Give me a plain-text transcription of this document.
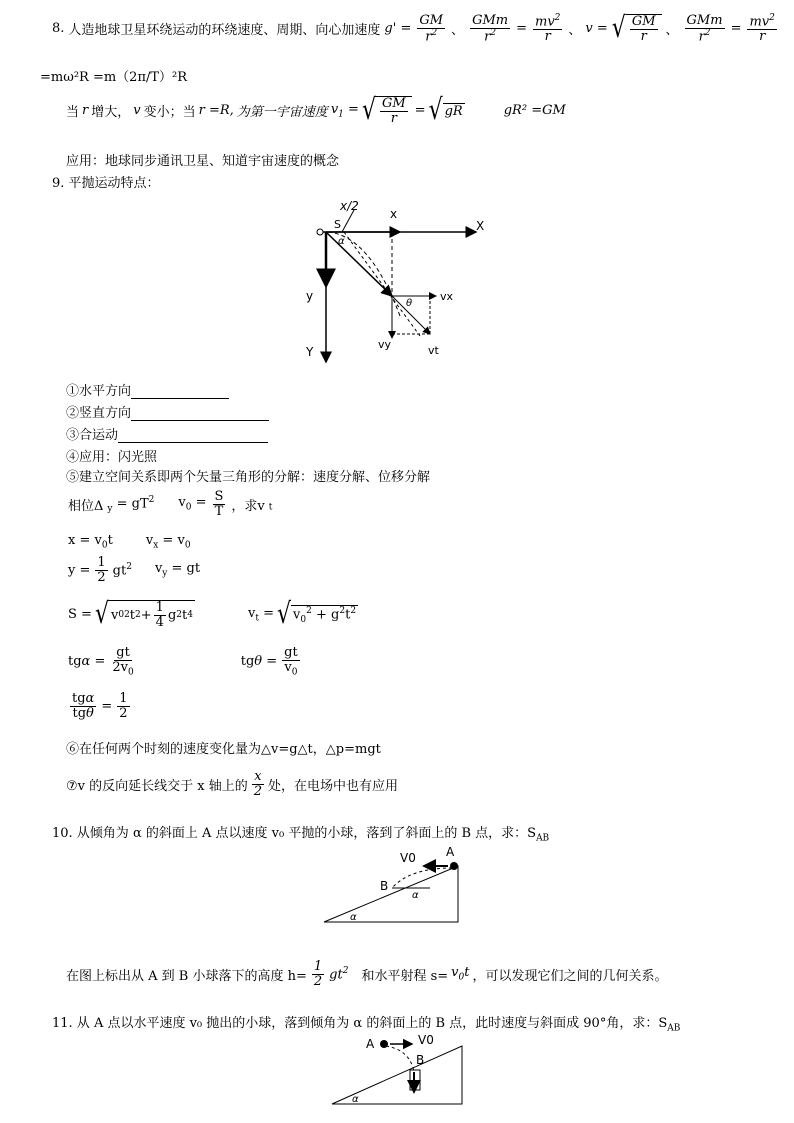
8. 人造地球卫星环绕运动的环绕速度、周期、向心加速度 $g' = \frac{GM}{r^2}$ 、 $\frac{\text{GMm}}{r^2} = \frac{mv^2}{r}$ 、 v = √ $\frac{GM}{r}$ 、 $\frac{\text{GMm}}{r^2} = \frac{mv^2}{r}$
=mω²R =m（2π/T）²R
当 r 增大， v 变小；当 r =R, 为第一宇宙速度 $v_1$ = √ $\frac{GM}{r}$ = √ gR	gR² =GM
应用：地球同步通讯卫星、知道宇宙速度的概念
9. 平抛运动特点：
x/2
x
X
y
Y
S
α
θ
vx
vy	vt
①水平方向
②竖直方向
③合运动
④应用：闪光照
⑤建立空间关系即两个矢量三角形的分解：速度分解、位移分解
相位Δ $_y = gT^2$ $v_0 = \frac{S}{T}$ ，求v $_t$
$x = v_0t$        $v_x = v_0$
$y = \frac{1}{2} gt^2$ $v_y$ = gt
S = √ v 0 2 t $2 + \frac{1}{4}$ g 2 t 4	$v_t$ = √ $v_0^2 + g^2t^2$
$tg\alpha = \frac{gt}{2v_0}$	$tg\theta = \frac{gt}{v_0}$
$\frac{\text{tgα}}{\text{tgθ}} = \frac{1}{2}$
⑥在任何两个时刻的速度变化量为△v=g△t，△p=mgt
⑦v 的反向延长线交于 x 轴上的 $\frac{x}{2}$ 处，在电场中也有应用
10. 从倾角为 α 的斜面上 A 点以速度 v₀ 平抛的小球，落到了斜面上的 B 点，求：$S_{AB}$
V0	A
B
α
α
在图上标出从 A 到 B 小球落下的高度 $h= \frac{1}{2} gt^2$ 和水平射程 $s= v_0t$ ，可以发现它们之间的几何关系。
11. 从 A 点以水平速度 v₀ 抛出的小球，落到倾角为 α 的斜面上的 B 点，此时速度与斜面成 90°角，求：$S_{AB}$
A	V0
B
α
